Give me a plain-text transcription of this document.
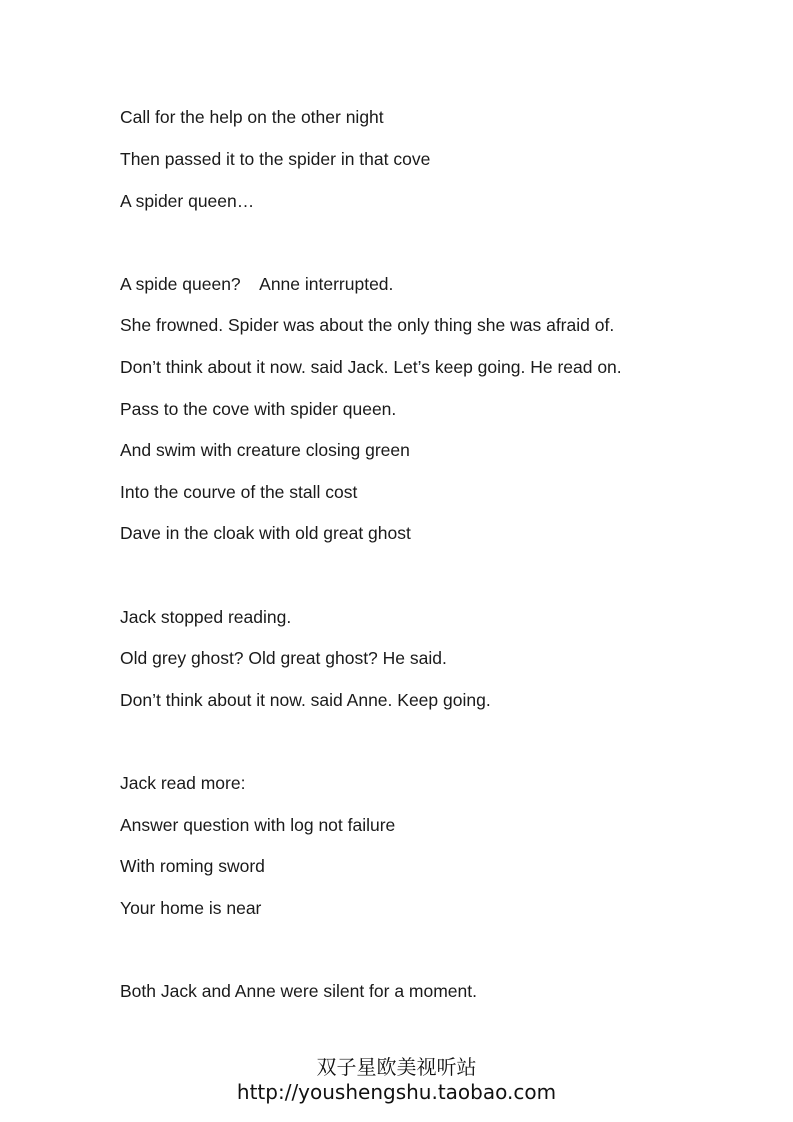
Call for the help on the other night
Then passed it to the spider in that cove
A spider queen…
A spide queen?    Anne interrupted.
She frowned. Spider was about the only thing she was afraid of.
Don’t think about it now. said Jack. Let’s keep going. He read on.
Pass to the cove with spider queen.
And swim with creature closing green
Into the courve of the stall cost
Dave in the cloak with old great ghost
Jack stopped reading.
Old grey ghost? Old great ghost? He said.
Don’t think about it now. said Anne. Keep going.
Jack read more:
Answer question with log not failure
With roming sword
Your home is near
Both Jack and Anne were silent for a moment.
双子星欧美视听站
http://youshengshu.taobao.com
